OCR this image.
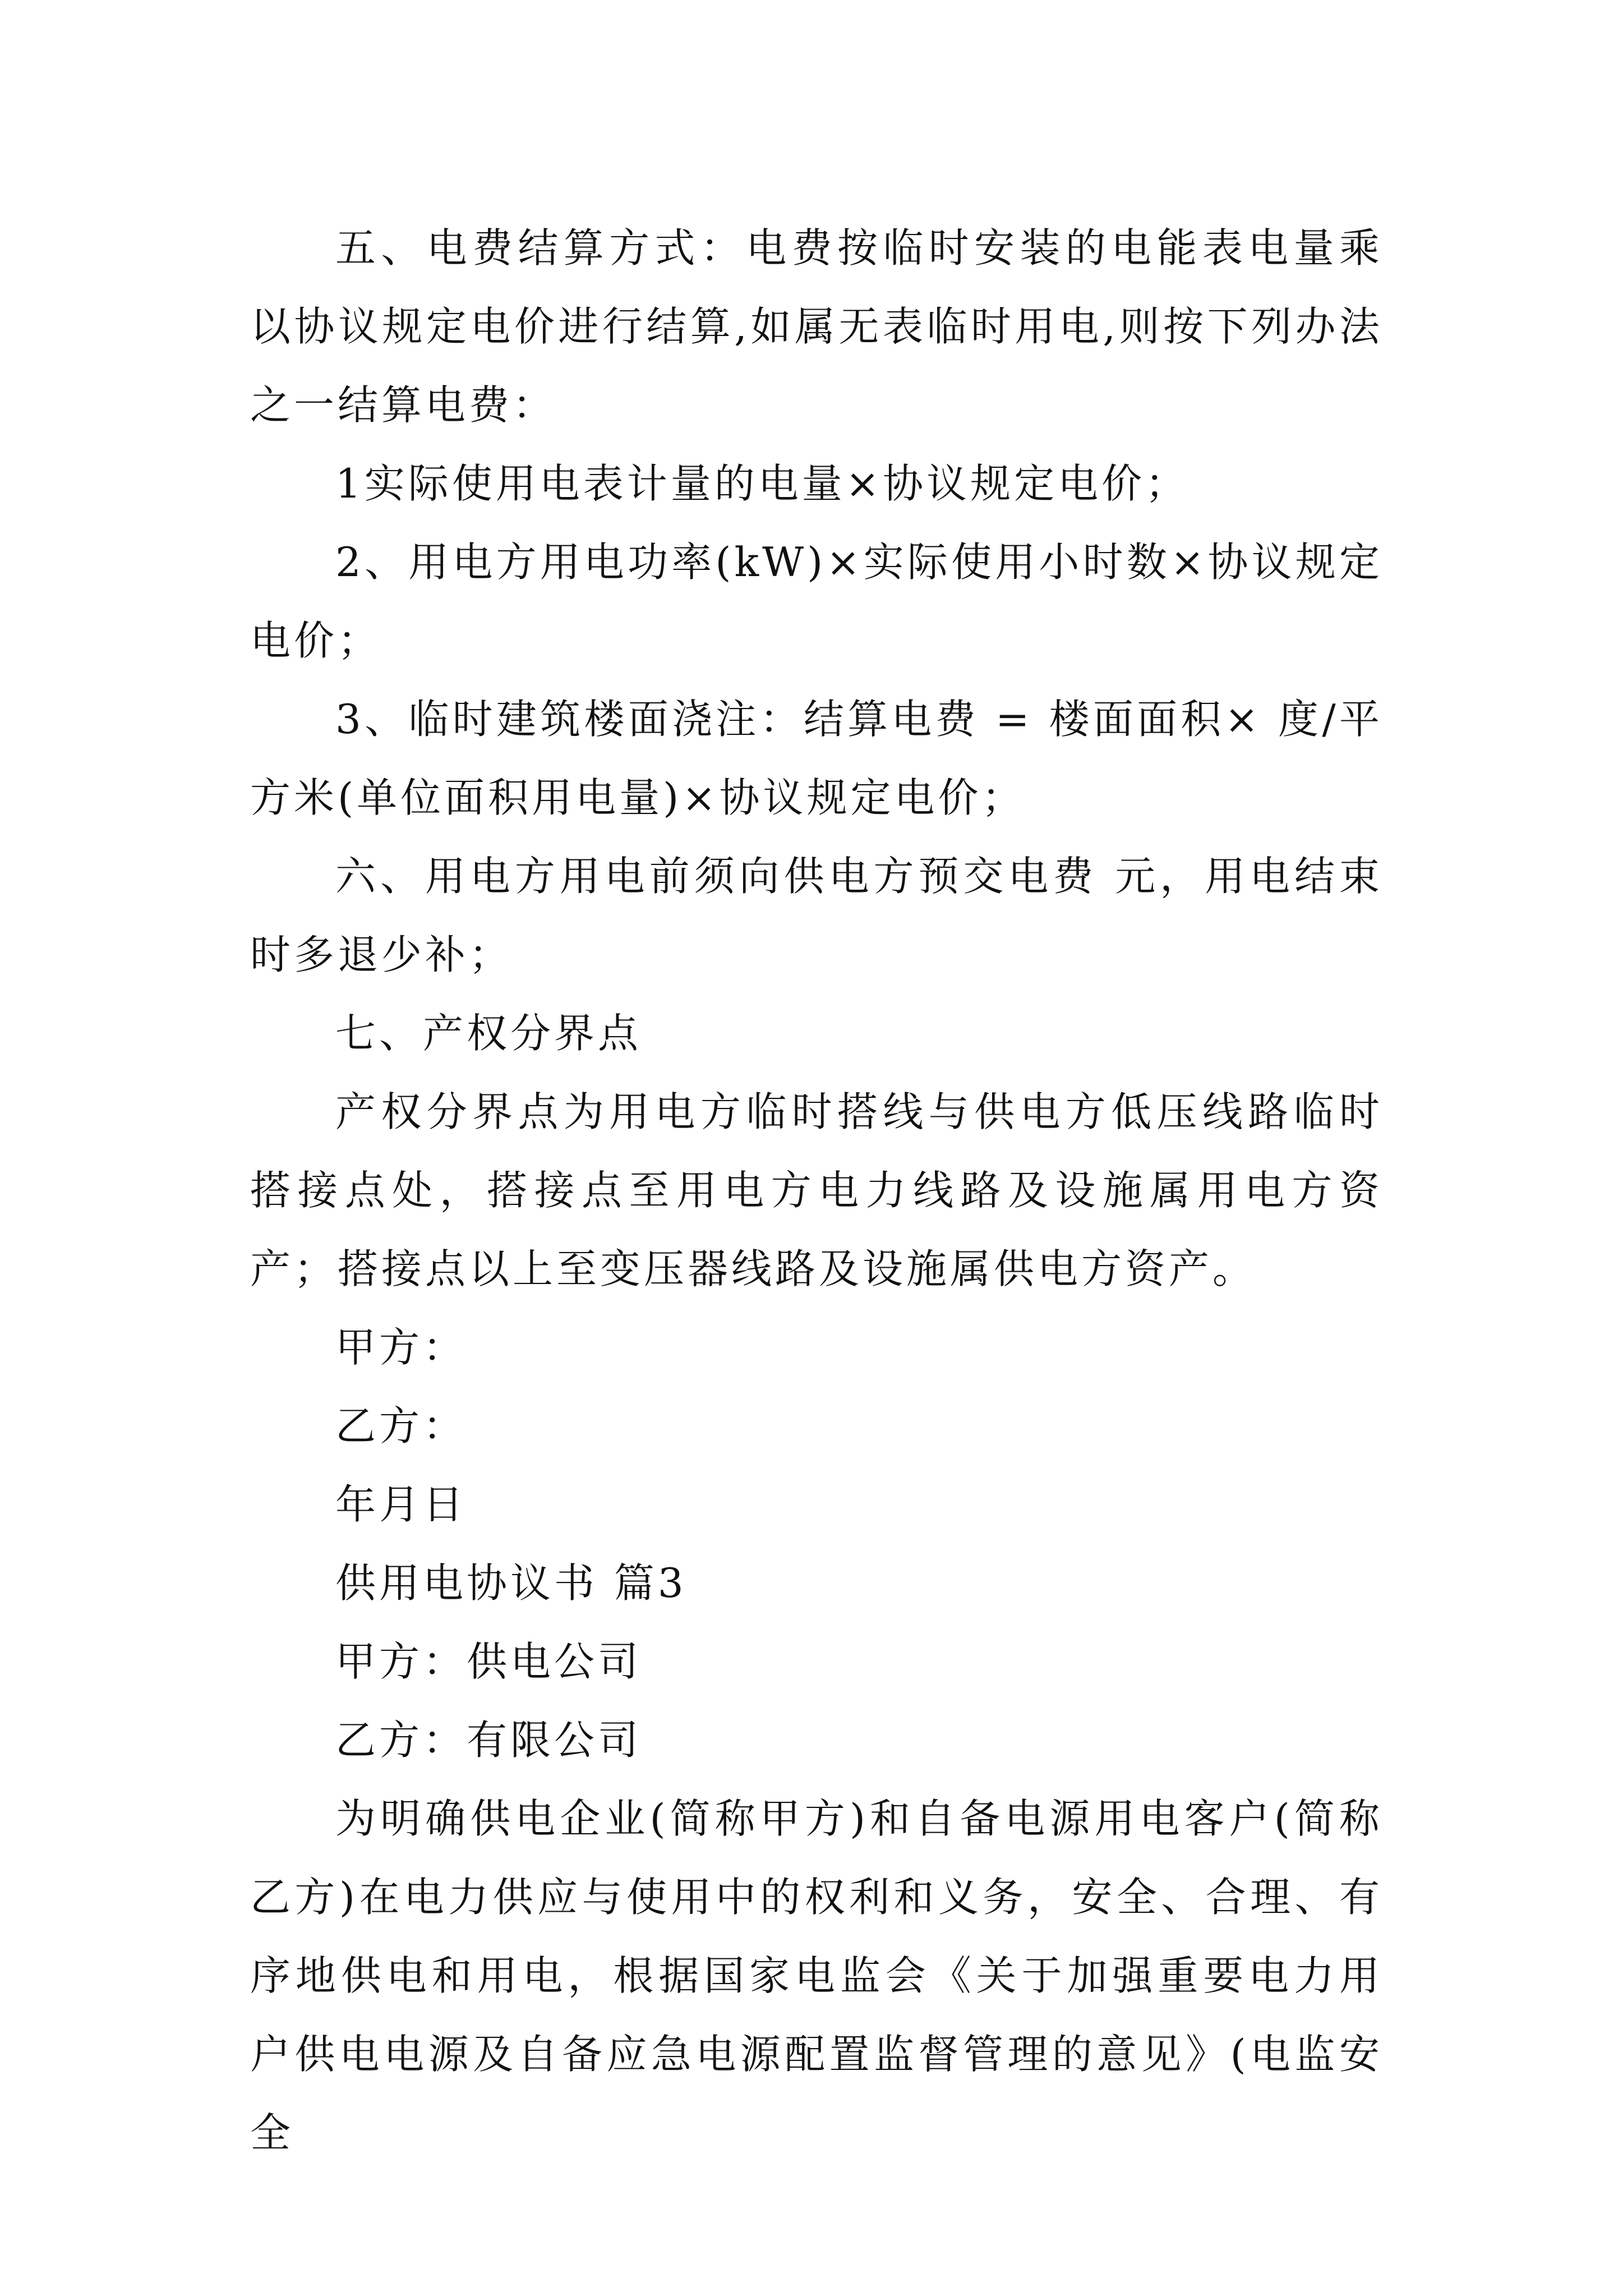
五、电费结算方式：电费按临时安装的电能表电量乘以协议规定电价进行结算,如属无表临时用电,则按下列办法之一结算电费：

1实际使用电表计量的电量×协议规定电价；

2、用电方用电功率(kW)×实际使用小时数×协议规定电价；

3、临时建筑楼面浇注：结算电费 = 楼面面积× 度/平方米(单位面积用电量)×协议规定电价；

六、用电方用电前须向供电方预交电费 元，用电结束时多退少补；

七、产权分界点

产权分界点为用电方临时搭线与供电方低压线路临时搭接点处，搭接点至用电方电力线路及设施属用电方资产；搭接点以上至变压器线路及设施属供电方资产。

甲方：

乙方：

年月日

供用电协议书 篇3

甲方：供电公司

乙方：有限公司

为明确供电企业(简称甲方)和自备电源用电客户(简称乙方)在电力供应与使用中的权利和义务，安全、合理、有序地供电和用电，根据国家电监会《关于加强重要电力用户供电电源及自备应急电源配置监督管理的意见》(电监安全
